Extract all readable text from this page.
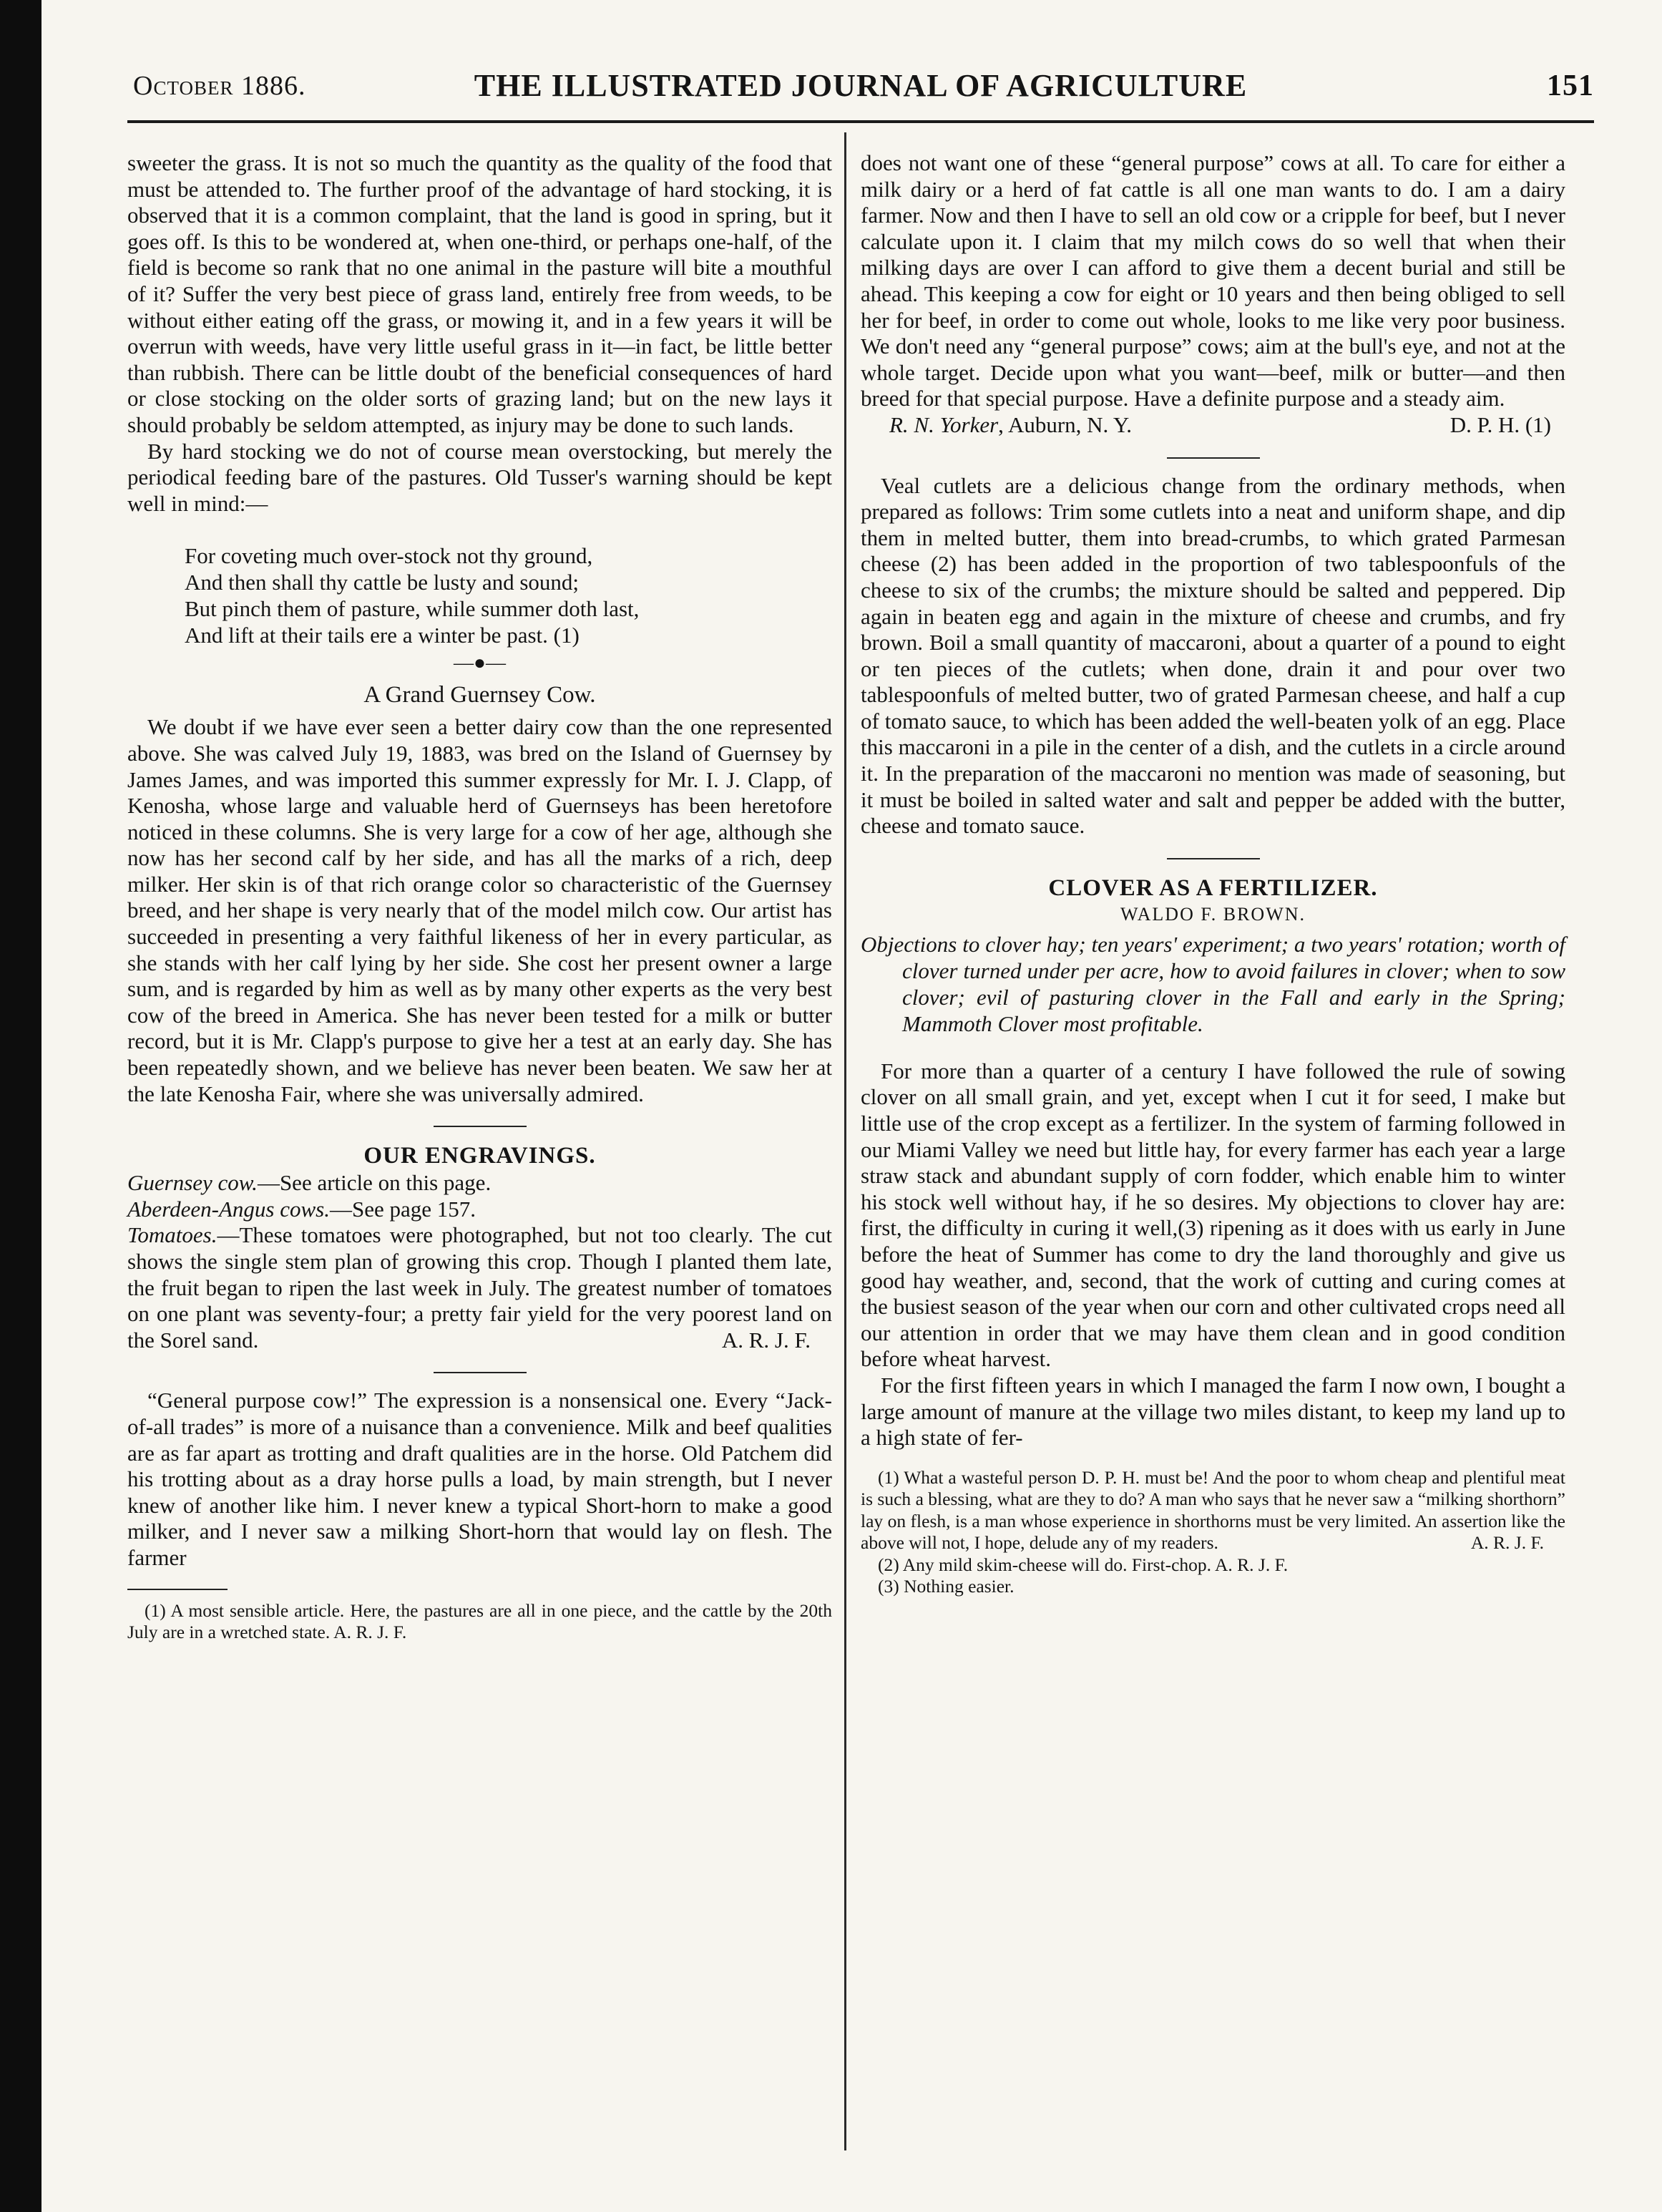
October 1886.	THE ILLUSTRATED JOURNAL OF AGRICULTURE	151

sweeter the grass. It is not so much the quantity as the quality of the food that must be attended to. The further proof of the advantage of hard stocking, it is observed that it is a common complaint, that the land is good in spring, but it goes off. Is this to be wondered at, when one-third, or perhaps one-half, of the field is become so rank that no one animal in the pasture will bite a mouthful of it? Suffer the very best piece of grass land, entirely free from weeds, to be without either eating off the grass, or mowing it, and in a few years it will be overrun with weeds, have very little useful grass in it—in fact, be little better than rubbish. There can be little doubt of the beneficial consequences of hard or close stocking on the older sorts of grazing land; but on the new lays it should probably be seldom attempted, as injury may be done to such lands.

By hard stocking we do not of course mean overstocking, but merely the periodical feeding bare of the pastures. Old Tusser's warning should be kept well in mind:—

For coveting much over-stock not thy ground,
And then shall thy cattle be lusty and sound;
But pinch them of pasture, while summer doth last,
And lift at their tails ere a winter be past. (1)
—●—
A Grand Guernsey Cow.

We doubt if we have ever seen a better dairy cow than the one represented above. She was calved July 19, 1883, was bred on the Island of Guernsey by James James, and was imported this summer expressly for Mr. I. J. Clapp, of Kenosha, whose large and valuable herd of Guernseys has been heretofore noticed in these columns. She is very large for a cow of her age, although she now has her second calf by her side, and has all the marks of a rich, deep milker. Her skin is of that rich orange color so characteristic of the Guernsey breed, and her shape is very nearly that of the model milch cow. Our artist has succeeded in presenting a very faithful likeness of her in every particular, as she stands with her calf lying by her side. She cost her present owner a large sum, and is regarded by him as well as by many other experts as the very best cow of the breed in America. She has never been tested for a milk or butter record, but it is Mr. Clapp's purpose to give her a test at an early day. She has been repeatedly shown, and we believe has never been beaten. We saw her at the late Kenosha Fair, where she was universally admired.

OUR ENGRAVINGS.

Guernsey cow.—See article on this page.

Aberdeen-Angus cows.—See page 157.

Tomatoes.—These tomatoes were photographed, but not too clearly. The cut shows the single stem plan of growing this crop. Though I planted them late, the fruit began to ripen the last week in July. The greatest number of tomatoes on one plant was seventy-four; a pretty fair yield for the very poorest land on the Sorel sand.	A. R. J. F.

“General purpose cow!” The expression is a nonsensical one. Every “Jack-of-all trades” is more of a nuisance than a convenience. Milk and beef qualities are as far apart as trotting and draft qualities are in the horse. Old Patchem did his trotting about as a dray horse pulls a load, by main strength, but I never knew of another like him. I never knew a typical Short-horn to make a good milker, and I never saw a milking Short-horn that would lay on flesh. The farmer

(1) A most sensible article. Here, the pastures are all in one piece, and the cattle by the 20th July are in a wretched state. A. R. J. F.

does not want one of these “general purpose” cows at all. To care for either a milk dairy or a herd of fat cattle is all one man wants to do. I am a dairy farmer. Now and then I have to sell an old cow or a cripple for beef, but I never calculate upon it. I claim that my milch cows do so well that when their milking days are over I can afford to give them a decent burial and still be ahead. This keeping a cow for eight or 10 years and then being obliged to sell her for beef, in order to come out whole, looks to me like very poor business. We don't need any “general purpose” cows; aim at the bull's eye, and not at the whole target. Decide upon what you want—beef, milk or butter—and then breed for that special purpose. Have a definite purpose and a steady aim.

R. N. Yorker, Auburn, N. Y.	D. P. H. (1)

Veal cutlets are a delicious change from the ordinary methods, when prepared as follows: Trim some cutlets into a neat and uniform shape, and dip them in melted butter, them into bread-crumbs, to which grated Parmesan cheese (2) has been added in the proportion of two tablespoonfuls of the cheese to six of the crumbs; the mixture should be salted and peppered. Dip again in beaten egg and again in the mixture of cheese and crumbs, and fry brown. Boil a small quantity of maccaroni, about a quarter of a pound to eight or ten pieces of the cutlets; when done, drain it and pour over two tablespoonfuls of melted butter, two of grated Parmesan cheese, and half a cup of tomato sauce, to which has been added the well-beaten yolk of an egg. Place this maccaroni in a pile in the center of a dish, and the cutlets in a circle around it. In the preparation of the maccaroni no mention was made of seasoning, but it must be boiled in salted water and salt and pepper be added with the butter, cheese and tomato sauce.

CLOVER AS A FERTILIZER.
WALDO F. BROWN.

Objections to clover hay; ten years' experiment; a two years' rotation; worth of clover turned under per acre, how to avoid failures in clover; when to sow clover; evil of pasturing clover in the Fall and early in the Spring; Mammoth Clover most profitable.

For more than a quarter of a century I have followed the rule of sowing clover on all small grain, and yet, except when I cut it for seed, I make but little use of the crop except as a fertilizer. In the system of farming followed in our Miami Valley we need but little hay, for every farmer has each year a large straw stack and abundant supply of corn fodder, which enable him to winter his stock well without hay, if he so desires. My objections to clover hay are: first, the difficulty in curing it well,(3) ripening as it does with us early in June before the heat of Summer has come to dry the land thoroughly and give us good hay weather, and, second, that the work of cutting and curing comes at the busiest season of the year when our corn and other cultivated crops need all our attention in order that we may have them clean and in good condition before wheat harvest.

For the first fifteen years in which I managed the farm I now own, I bought a large amount of manure at the village two miles distant, to keep my land up to a high state of fer-

(1) What a wasteful person D. P. H. must be! And the poor to whom cheap and plentiful meat is such a blessing, what are they to do? A man who says that he never saw a “milking shorthorn” lay on flesh, is a man whose experience in shorthorns must be very limited. An assertion like the above will not, I hope, delude any of my readers.	A. R. J. F.

(2) Any mild skim-cheese will do. First-chop. A. R. J. F.

(3) Nothing easier.
